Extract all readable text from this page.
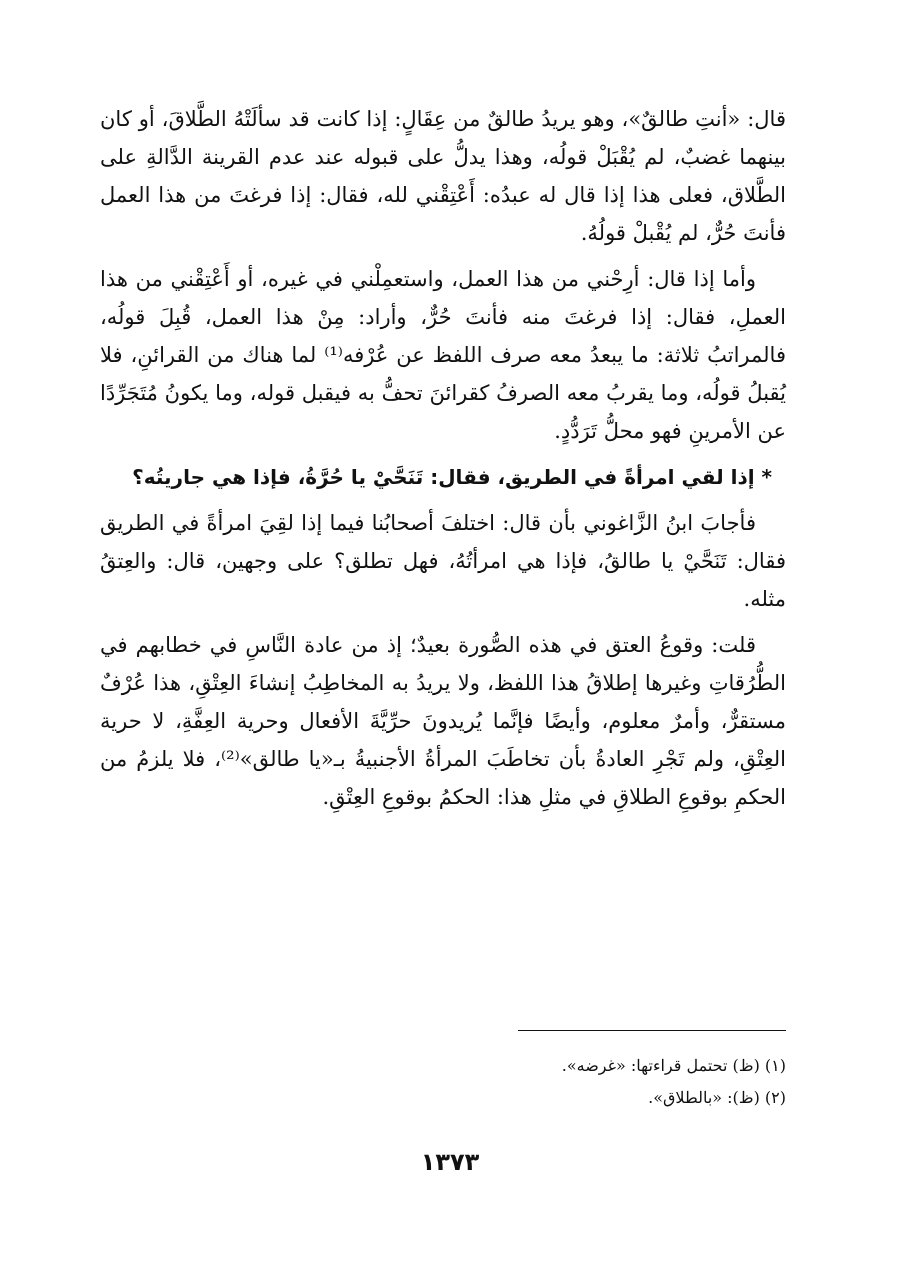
قال: «أنتِ طالقٌ»، وهو يريدُ طالقٌ من عِقَالٍ: إذا كانت قد سألَتْهُ الطَّلاقَ، أو كان بينهما غضبٌ، لم يُقْبَلْ قولُه، وهذا يدلُّ على قبوله عند عدم القرينة الدَّالةِ على الطَّلاق، فعلى هذا إذا قال له عبدُه: أَعْتِقْني لله، فقال: إذا فرغتَ من هذا العمل فأنتَ حُرٌّ، لم يُقْبلْ قولُهُ.

وأما إذا قال: أرِحْني من هذا العمل، واستعمِلْني في غيره، أو أَعْتِقْني من هذا العملِ، فقال: إذا فرغتَ منه فأنتَ حُرٌّ، وأراد: مِنْ هذا العمل، قُبِلَ قولُه، فالمراتبُ ثلاثة: ما يبعدُ معه صرف اللفظ عن عُرْفه⁽¹⁾ لما هناك من القرائنِ، فلا يُقبلُ قولُه، وما يقربُ معه الصرفُ كقرائنَ تحفُّ به فيقبل قوله، وما يكونُ مُتَجَرِّدًا عن الأمرينِ فهو محلُّ تَرَدُّدٍ.

* إذا لقي امرأةً في الطريق، فقال: تَنَحَّيْ يا حُرَّةُ، فإذا هي جاريتُه؟

فأجابَ ابنُ الزَّاغوني بأن قال: اختلفَ أصحابُنا فيما إذا لقِيَ امرأةً في الطريق فقال: تَنَحَّيْ يا طالقُ، فإذا هي امرأتُهُ، فهل تطلق؟ على وجهين، قال: والعِتقُ مثله.

قلت: وقوعُ العتق في هذه الصُّورة بعيدٌ؛ إذ من عادة النَّاسِ في خطابهم في الطُّرُقاتِ وغيرها إطلاقُ هذا اللفظ، ولا يريدُ به المخاطِبُ إنشاءَ العِتْقِ، هذا عُرْفٌ مستقرٌّ، وأمرٌ معلوم، وأيضًا فإنَّما يُريدونَ حرِّيَّةَ الأفعال وحرية العِفَّةِ، لا حرية العِتْقِ، ولم تَجْرِ العادةُ بأن تخاطَبَ المرأةُ الأجنبيةُ بـ«يا طالق»⁽²⁾، فلا يلزمُ من الحكمِ بوقوعِ الطلاقِ في مثلِ هذا: الحكمُ بوقوعِ العِتْقِ.

(١) (ظ) تحتمل قراءتها: «غرضه».
(٢) (ظ): «بالطلاق».
١٣٧٣
